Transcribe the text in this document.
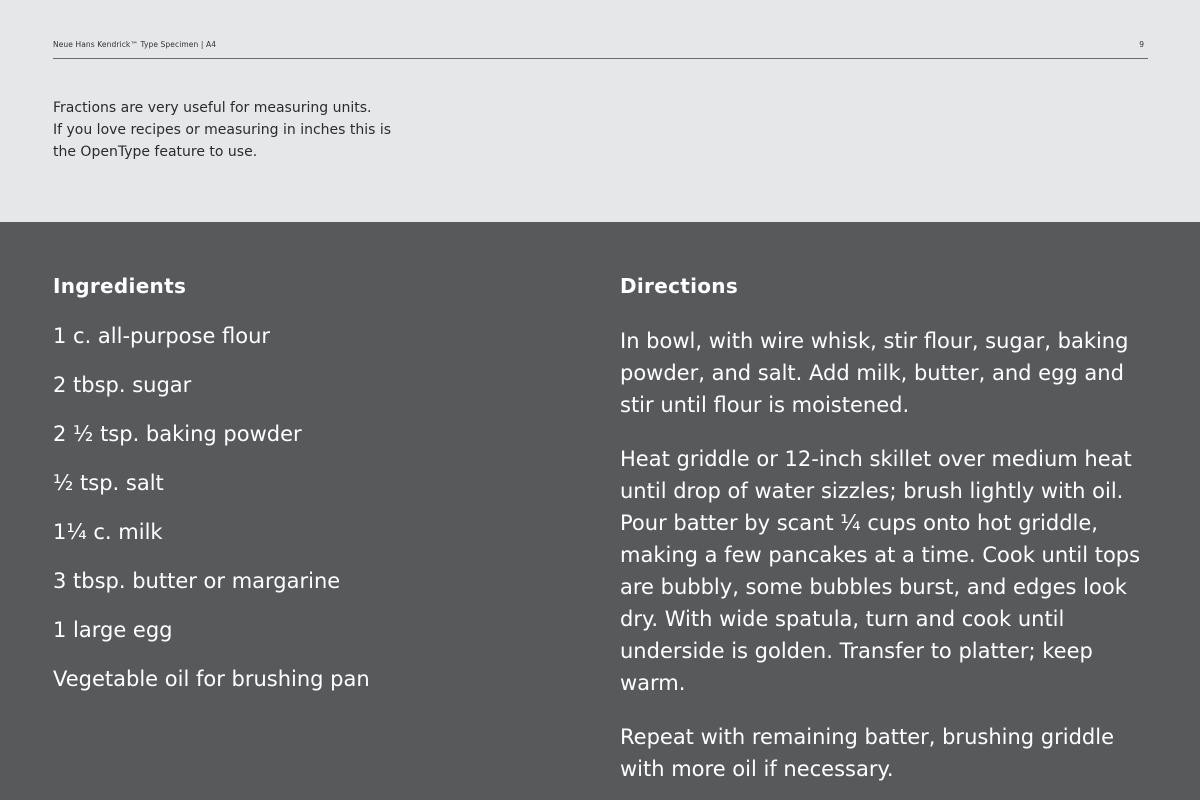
Neue Hans Kendrick™ Type Specimen | A4	9
Fractions are very useful for measuring units.
If you love recipes or measuring in inches this is
the OpenType feature to use.
Ingredients
1 c. all-purpose flour
2 tbsp. sugar
2 ½ tsp. baking powder
½ tsp. salt
1¼ c. milk
3 tbsp. butter or margarine
1 large egg
Vegetable oil for brushing pan
Directions

In bowl, with wire whisk, stir flour, sugar, baking powder, and salt. Add milk, butter, and egg and stir until flour is moistened.

Heat griddle or 12-inch skillet over medium heat until drop of water sizzles; brush lightly with oil. Pour batter by scant ¼ cups onto hot griddle, making a few pancakes at a time. Cook until tops are bubbly, some bubbles burst, and edges look dry. With wide spatula, turn and cook until underside is golden. Transfer to platter; keep warm.

Repeat with remaining batter, brushing griddle with more oil if necessary.
